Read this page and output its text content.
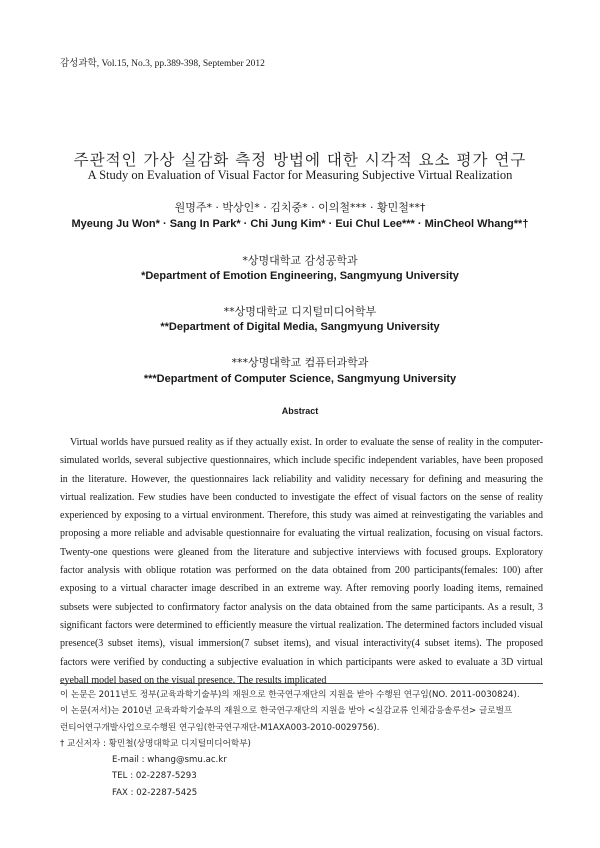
감성과학, Vol.15, No.3, pp.389-398, September 2012
주관적인 가상 실감화 측정 방법에 대한 시각적 요소 평가 연구
A Study on Evaluation of Visual Factor for Measuring Subjective Virtual Realization
원명주* · 박상인* · 김치중* · 이의철*** · 황민철**†
Myeung Ju Won* · Sang In Park* · Chi Jung Kim* · Eui Chul Lee*** · MinCheol Whang**†
*상명대학교 감성공학과
*Department of Emotion Engineering, Sangmyung University
**상명대학교 디지털미디어학부
**Department of Digital Media, Sangmyung University
***상명대학교 컴퓨터과학과
***Department of Computer Science, Sangmyung University
Abstract

Virtual worlds have pursued reality as if they actually exist. In order to evaluate the sense of reality in the computer-simulated worlds, several subjective questionnaires, which include specific independent variables, have been proposed in the literature. However, the questionnaires lack reliability and validity necessary for defining and measuring the virtual realization. Few studies have been conducted to investigate the effect of visual factors on the sense of reality experienced by exposing to a virtual environment. Therefore, this study was aimed at reinvestigating the variables and proposing a more reliable and advisable questionnaire for evaluating the virtual realization, focusing on visual factors. Twenty-one questions were gleaned from the literature and subjective interviews with focused groups. Exploratory factor analysis with oblique rotation was performed on the data obtained from 200 participants(females: 100) after exposing to a virtual character image described in an extreme way. After removing poorly loading items, remained subsets were subjected to confirmatory factor analysis on the data obtained from the same participants. As a result, 3 significant factors were determined to efficiently measure the virtual realization. The determined factors included visual presence(3 subset items), visual immersion(7 subset items), and visual interactivity(4 subset items). The proposed factors were verified by conducting a subjective evaluation in which participants were asked to evaluate a 3D virtual eyeball model based on the visual presence. The results implicated

이 논문은 2011년도 정부(교육과학기술부)의 재원으로 한국연구재단의 지원을 받아 수행된 연구임(NO. 2011-0030824).
이 논문(저서)는 2010년 교육과학기술부의 재원으로 한국연구재단의 지원을 받아 <실감교류 인체감응솔루션> 글로벌프
런티어연구개발사업으로수행된 연구임(한국연구재단-M1AXA003-2010-0029756).
† 교신저자 : 황민철(상명대학교 디지털미디어학부)
E-mail : whang@smu.ac.kr
TEL : 02-2287-5293
FAX : 02-2287-5425
